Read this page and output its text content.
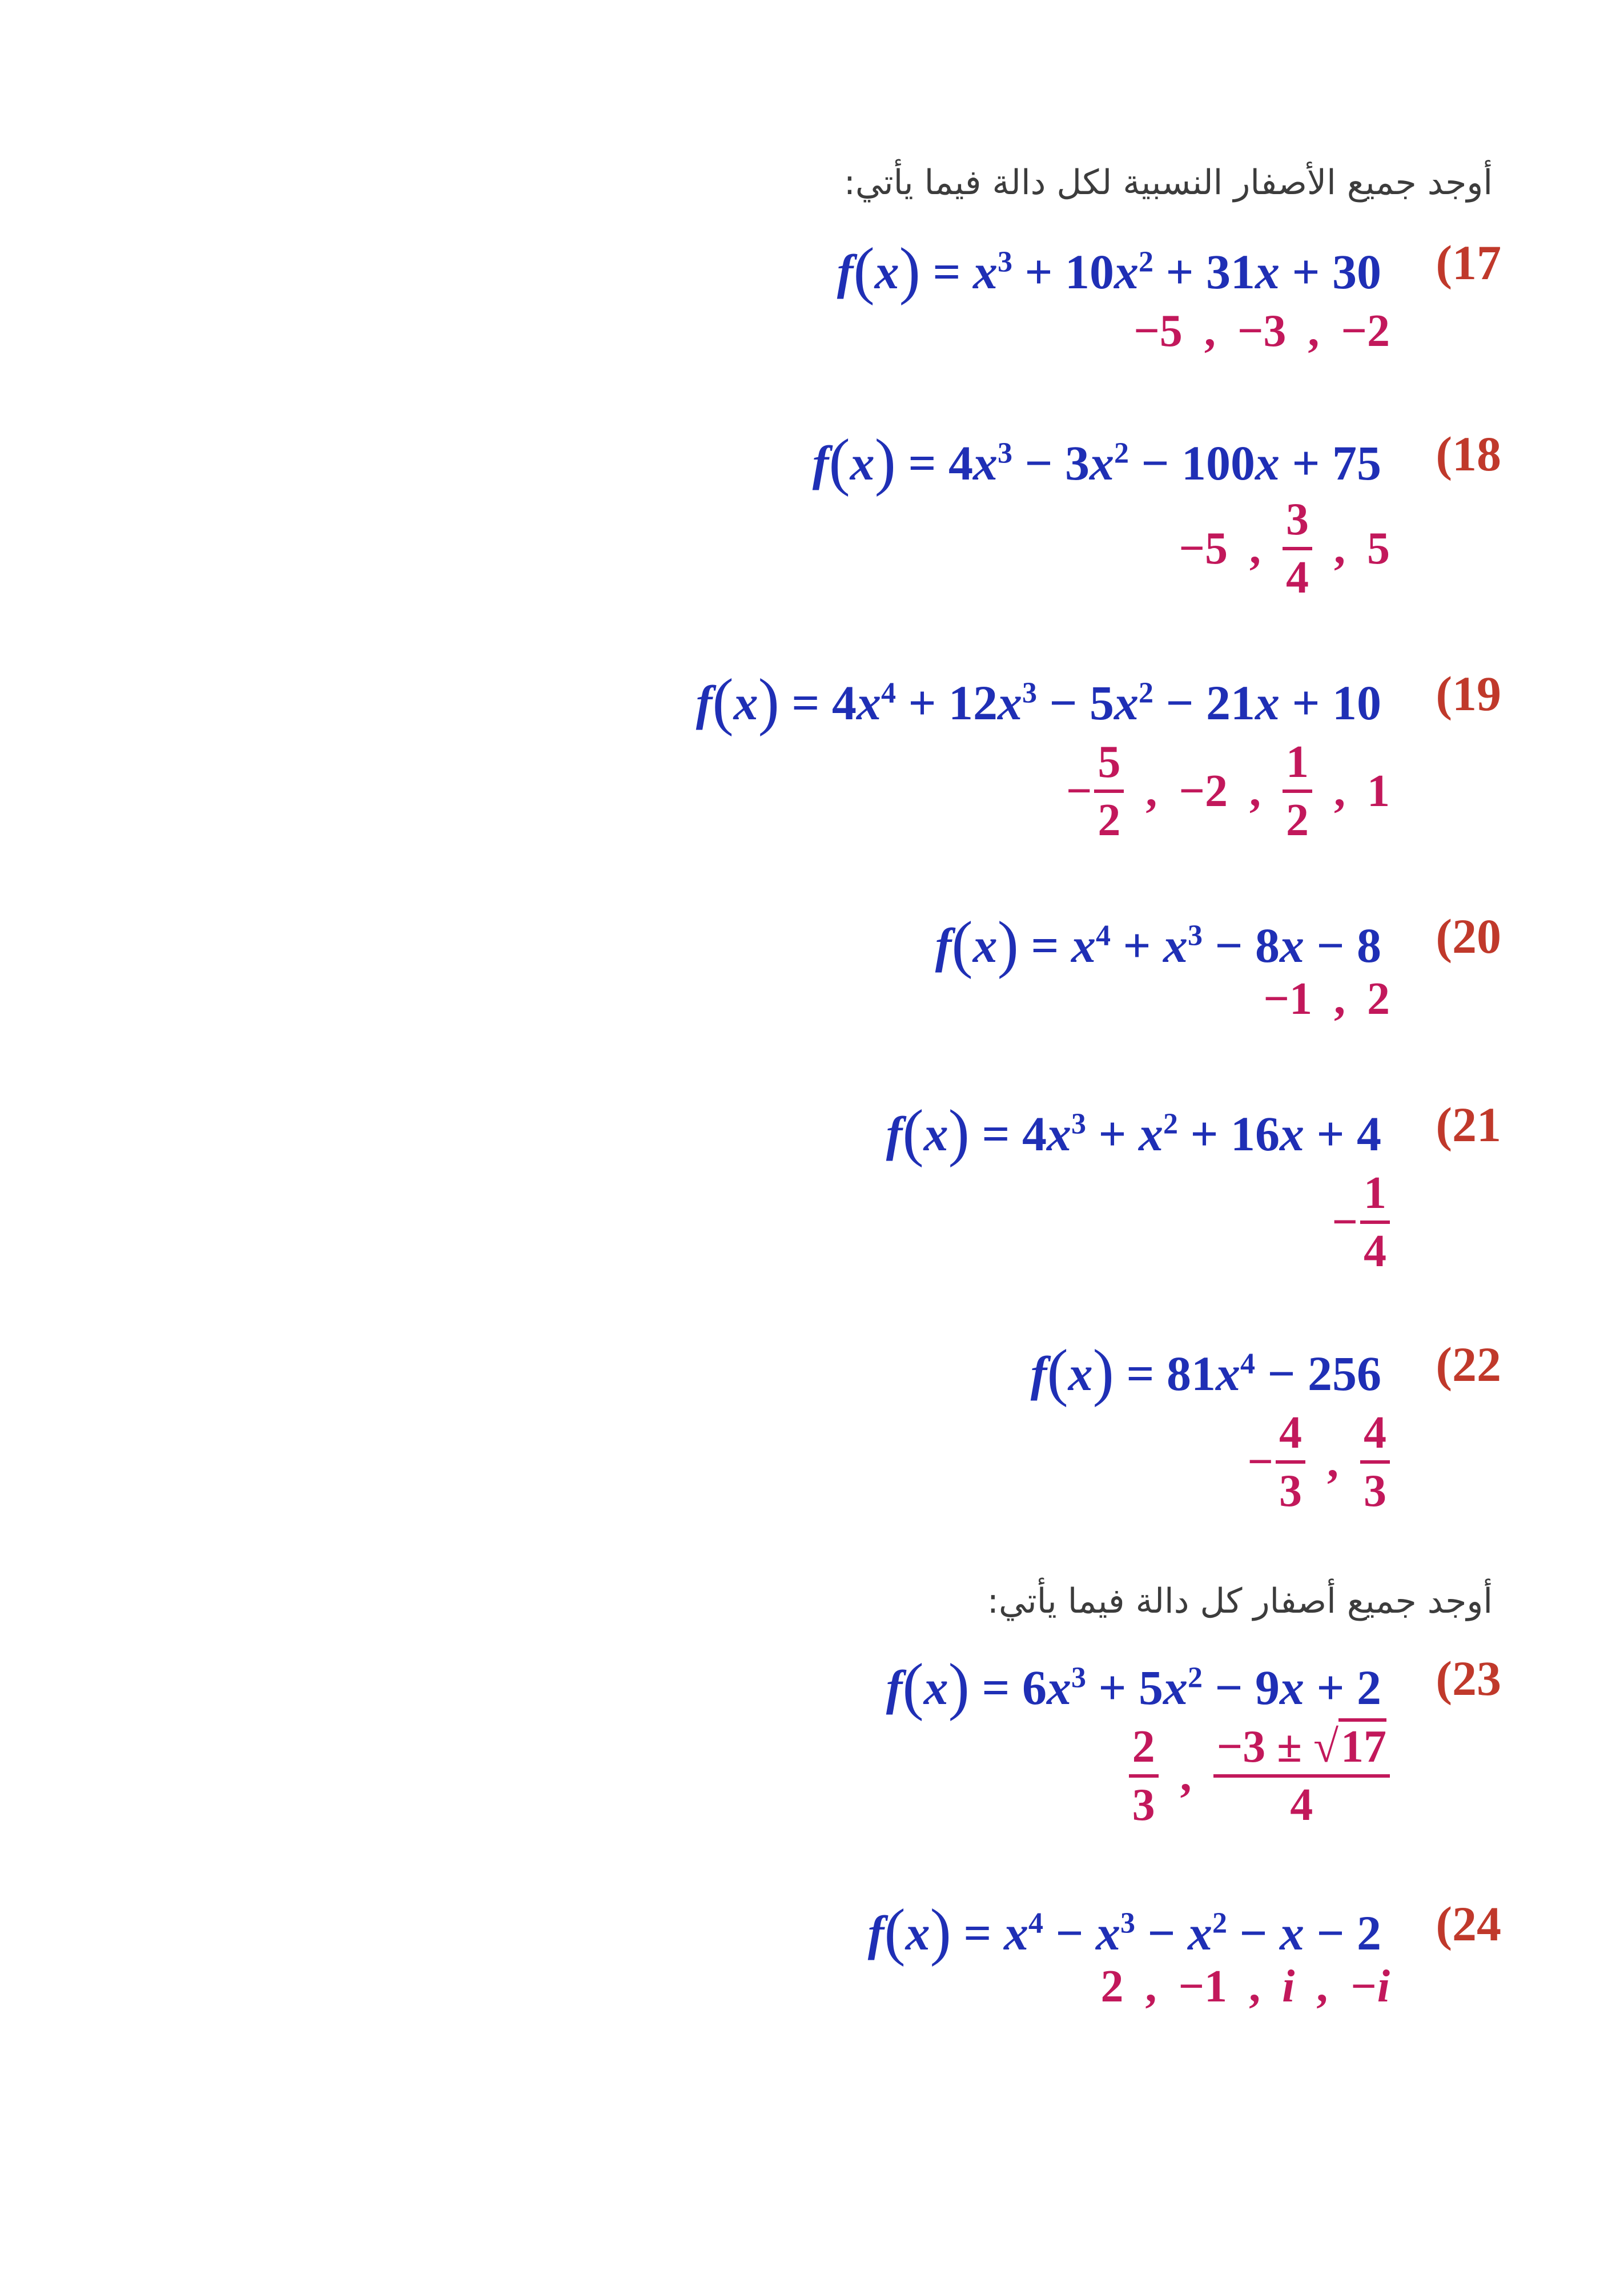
أوجد جميع الأصفار النسبية لكل دالة فيما يأتي:
(17
$f(x) = x^3 + 10x^2 + 31x + 30$
−5 , −3 , −2
(18
$f(x) = 4x^3 - 3x^2 - 100x + 75$
−5 , $\frac{3}{4}$ , 5
(19
$f(x) = 4x^4 + 12x^3 - 5x^2 - 21x + 10$
− $\frac{5}{2}$ , −2 , $\frac{1}{2}$ , 1
(20
$f(x) = x^4 + x^3 - 8x - 8$
−1 , 2
(21
$f(x) = 4x^3 + x^2 + 16x + 4$
− $\frac{1}{4}$
(22
$f(x) = 81x^4 - 256$
− $\frac{4}{3}$ , $\frac{4}{3}$
أوجد جميع أصفار كل دالة فيما يأتي:
(23
$f(x) = 6x^3 + 5x^2 - 9x + 2$
$\frac{2}{3}$ , $\frac{-3 \pm √17}{4}$
(24
$f(x) = x^4 - x^3 - x^2 - x - 2$
2 , −1 , i , −i
